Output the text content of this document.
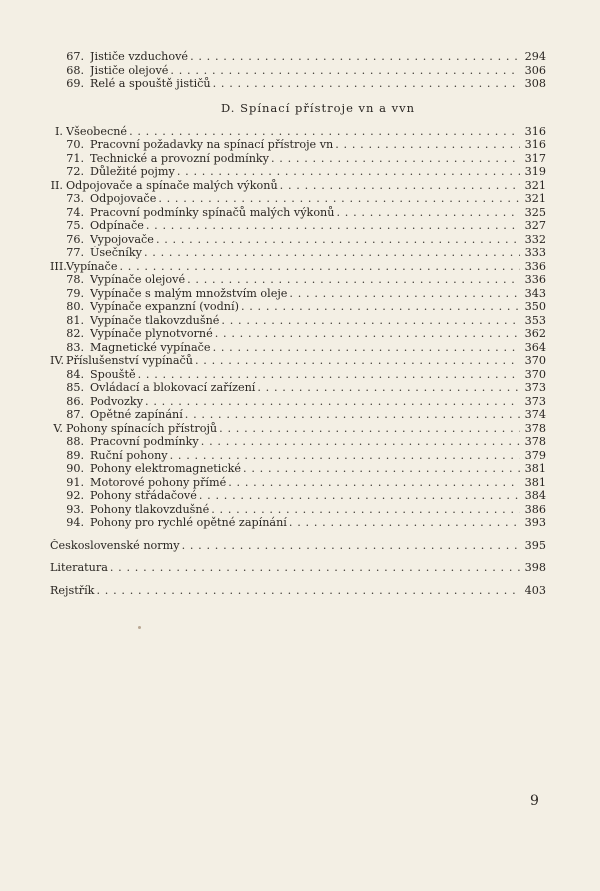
67. Jističe vzduchové . . .	294
68. Jističe olejové . . .	306
69. Relé a spouště jističů . . .	308
D. Spínací přístroje vn a vvn
I. Všeobecné . . .	316
70. Pracovní požadavky na spínací přístroje vn . . .	316
71. Technické a provozní podmínky . . .	317
72. Důležité pojmy . . .	319
II. Odpojovače a spínače malých výkonů . . .	321
73. Odpojovače . . .	321
74. Pracovní podmínky spínačů malých výkonů . . .	325
75. Odpínače . . .	327
76. Vypojovače . . .	332
77. Úsečníky . . .	333
III. Vypínače . . .	336
78. Vypínače olejové . . .	336
79. Vypínače s malým množstvím oleje . . .	343
80. Vypínače expanzní (vodní) . . .	350
81. Vypínače tlakovzdušné . . .	353
82. Vypínače plynotvorné . . .	362
83. Magnetické vypínače . . .	364
IV. Příslušenství vypínačů . . .	370
84. Spouště . . .	370
85. Ovládací a blokovací zařízení . . .	373
86. Podvozky . . .	373
87. Opětné zapínání . . .	374
V. Pohony spínacích přístrojů . . .	378
88. Pracovní podmínky . . .	378
89. Ruční pohony . . .	379
90. Pohony elektromagnetické . . .	381
91. Motorové pohony přímé . . .	381
92. Pohony střádačové . . .	384
93. Pohony tlakovzdušné . . .	386
94. Pohony pro rychlé opětné zapínání . . .	393
Československé normy . . .	395
Literatura . . .	398
Rejstřík . . .	403
9
